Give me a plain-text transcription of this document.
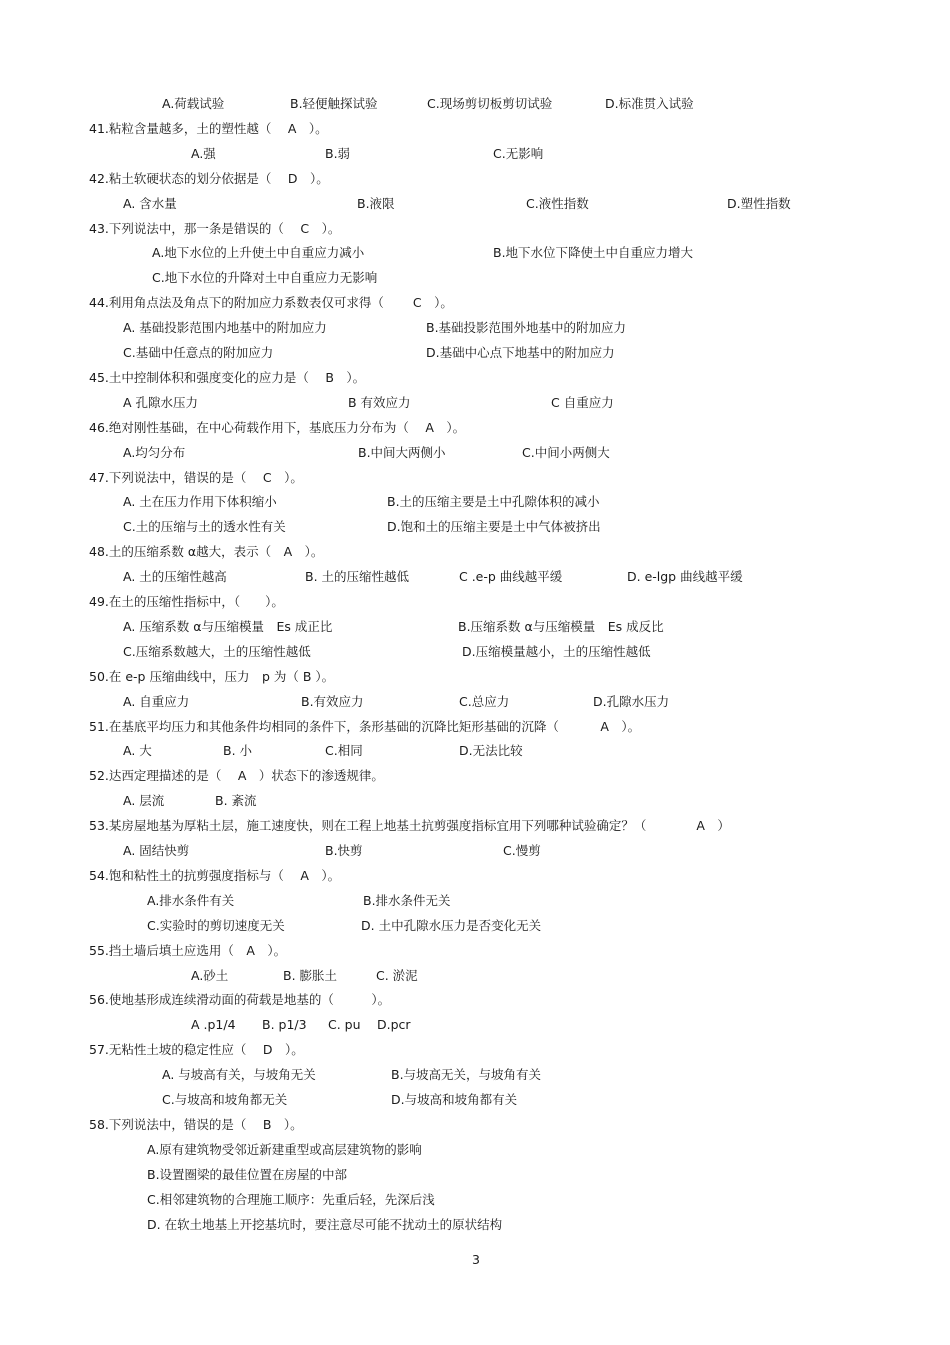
A.荷载试验	B.轻便触探试验	C.现场剪切板剪切试验	D.标准贯入试验
41.粘粒含量越多，土的塑性越（　 A　）。
A.强	B.弱	C.无影响
42.粘土软硬状态的划分依据是（　 D　）。
A. 含水量	B.液限	C.液性指数	D.塑性指数
43.下列说法中，那一条是错误的（　 C　）。
A.地下水位的上升使土中自重应力减小	B.地下水位下降使土中自重应力增大
C.地下水位的升降对土中自重应力无影响
44.利用角点法及角点下的附加应力系数表仅可求得（　　 C　）。
A. 基础投影范围内地基中的附加应力	B.基础投影范围外地基中的附加应力
C.基础中任意点的附加应力	D.基础中心点下地基中的附加应力
45.土中控制体积和强度变化的应力是（　 B　）。
A 孔隙水压力	B 有效应力	C 自重应力
46.绝对刚性基础，在中心荷载作用下，基底压力分布为（　 A　）。
A.均匀分布	B.中间大两侧小	C.中间小两侧大
47.下列说法中，错误的是（　 C　）。
A. 土在压力作用下体积缩小	B.土的压缩主要是土中孔隙体积的减小
C.土的压缩与土的透水性有关	D.饱和土的压缩主要是土中气体被挤出
48.土的压缩系数 α越大，表示（　A　）。
A. 土的压缩性越高	B. 土的压缩性越低	C .e-p 曲线越平缓	D. e-lgp 曲线越平缓
49.在土的压缩性指标中，（　　）。
A. 压缩系数 α与压缩模量　Es 成正比	B.压缩系数 α与压缩模量　Es 成反比
C.压缩系数越大，土的压缩性越低	D.压缩模量越小，土的压缩性越低
50.在 e-p 压缩曲线中，压力　p 为（ B ）。
A. 自重应力	B.有效应力	C.总应力	D.孔隙水压力
51.在基底平均压力和其他条件均相同的条件下，条形基础的沉降比矩形基础的沉降（　　　 A　）。
A. 大	B. 小	C.相同	D.无法比较
52.达西定理描述的是（　 A　）状态下的渗透规律。
A. 层流	B. 紊流
53.某房屋地基为厚粘土层，施工速度快，则在工程上地基土抗剪强度指标宜用下列哪种试验确定？（　　　　A　）
A. 固结快剪	B.快剪	C.慢剪
54.饱和粘性土的抗剪强度指标与（　 A　）。
A.排水条件有关	B.排水条件无关
C.实验时的剪切速度无关	D. 土中孔隙水压力是否变化无关
55.挡土墙后填土应选用（　A　）。
A.砂土	B. 膨胀土	C. 淤泥
56.使地基形成连续滑动面的荷载是地基的（　　　）。
A .p1/4 B. p1/3 C. pu D.pcr
57.无粘性土坡的稳定性应（　 D　）。
A. 与坡高有关，与坡角无关	B.与坡高无关，与坡角有关
C.与坡高和坡角都无关	D.与坡高和坡角都有关
58.下列说法中，错误的是（　 B　）。
A.原有建筑物受邻近新建重型或高层建筑物的影响
B.设置圈梁的最佳位置在房屋的中部
C.相邻建筑物的合理施工顺序：先重后轻，先深后浅
D. 在软土地基上开挖基坑时，要注意尽可能不扰动土的原状结构
3
